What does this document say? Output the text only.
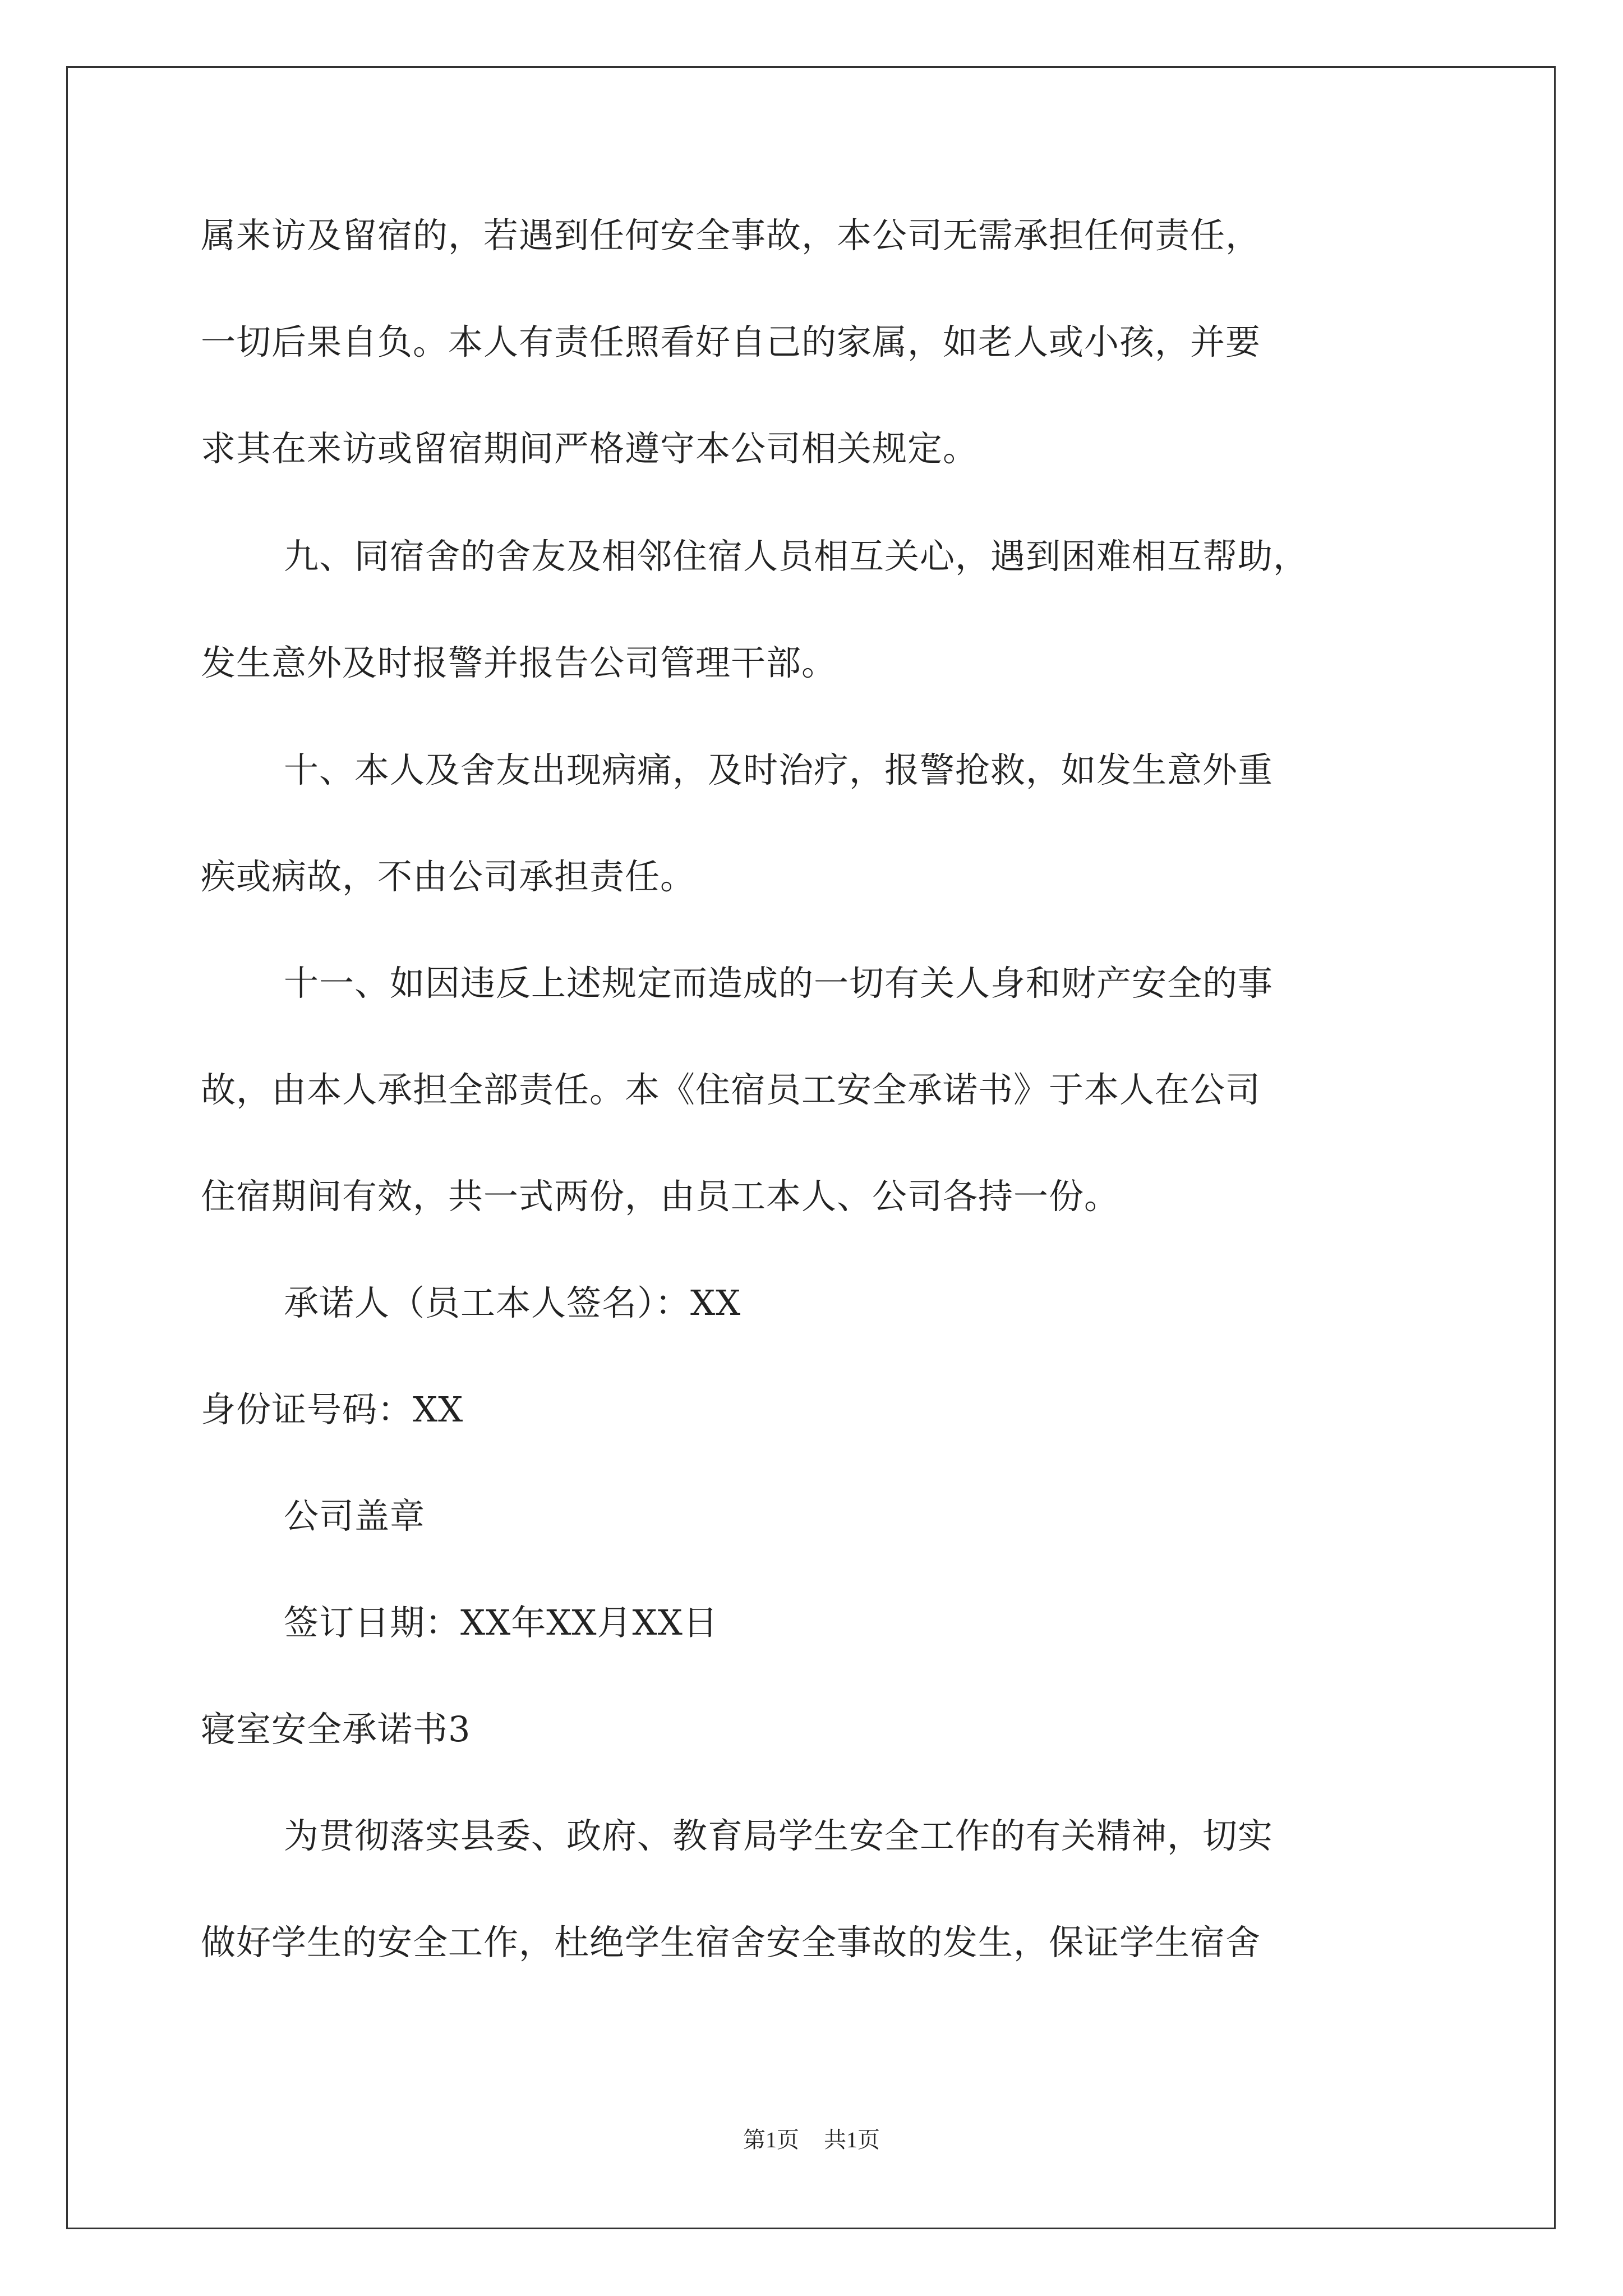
属来访及留宿的，若遇到任何安全事故，本公司无需承担任何责任，
一切后果自负。本人有责任照看好自己的家属，如老人或小孩，并要
求其在来访或留宿期间严格遵守本公司相关规定。
九、同宿舍的舍友及相邻住宿人员相互关心，遇到困难相互帮助，
发生意外及时报警并报告公司管理干部。
十、本人及舍友出现病痛，及时治疗，报警抢救，如发生意外重
疾或病故，不由公司承担责任。
十一、如因违反上述规定而造成的一切有关人身和财产安全的事
故，由本人承担全部责任。本《住宿员工安全承诺书》于本人在公司
住宿期间有效，共一式两份，由员工本人、公司各持一份。
承诺人（员工本人签名）：XX
身份证号码：XX
公司盖章
签订日期：XX年XX月XX日
寝室安全承诺书3
为贯彻落实县委、政府、教育局学生安全工作的有关精神，切实
做好学生的安全工作，杜绝学生宿舍安全事故的发生，保证学生宿舍
第1页 共1页
